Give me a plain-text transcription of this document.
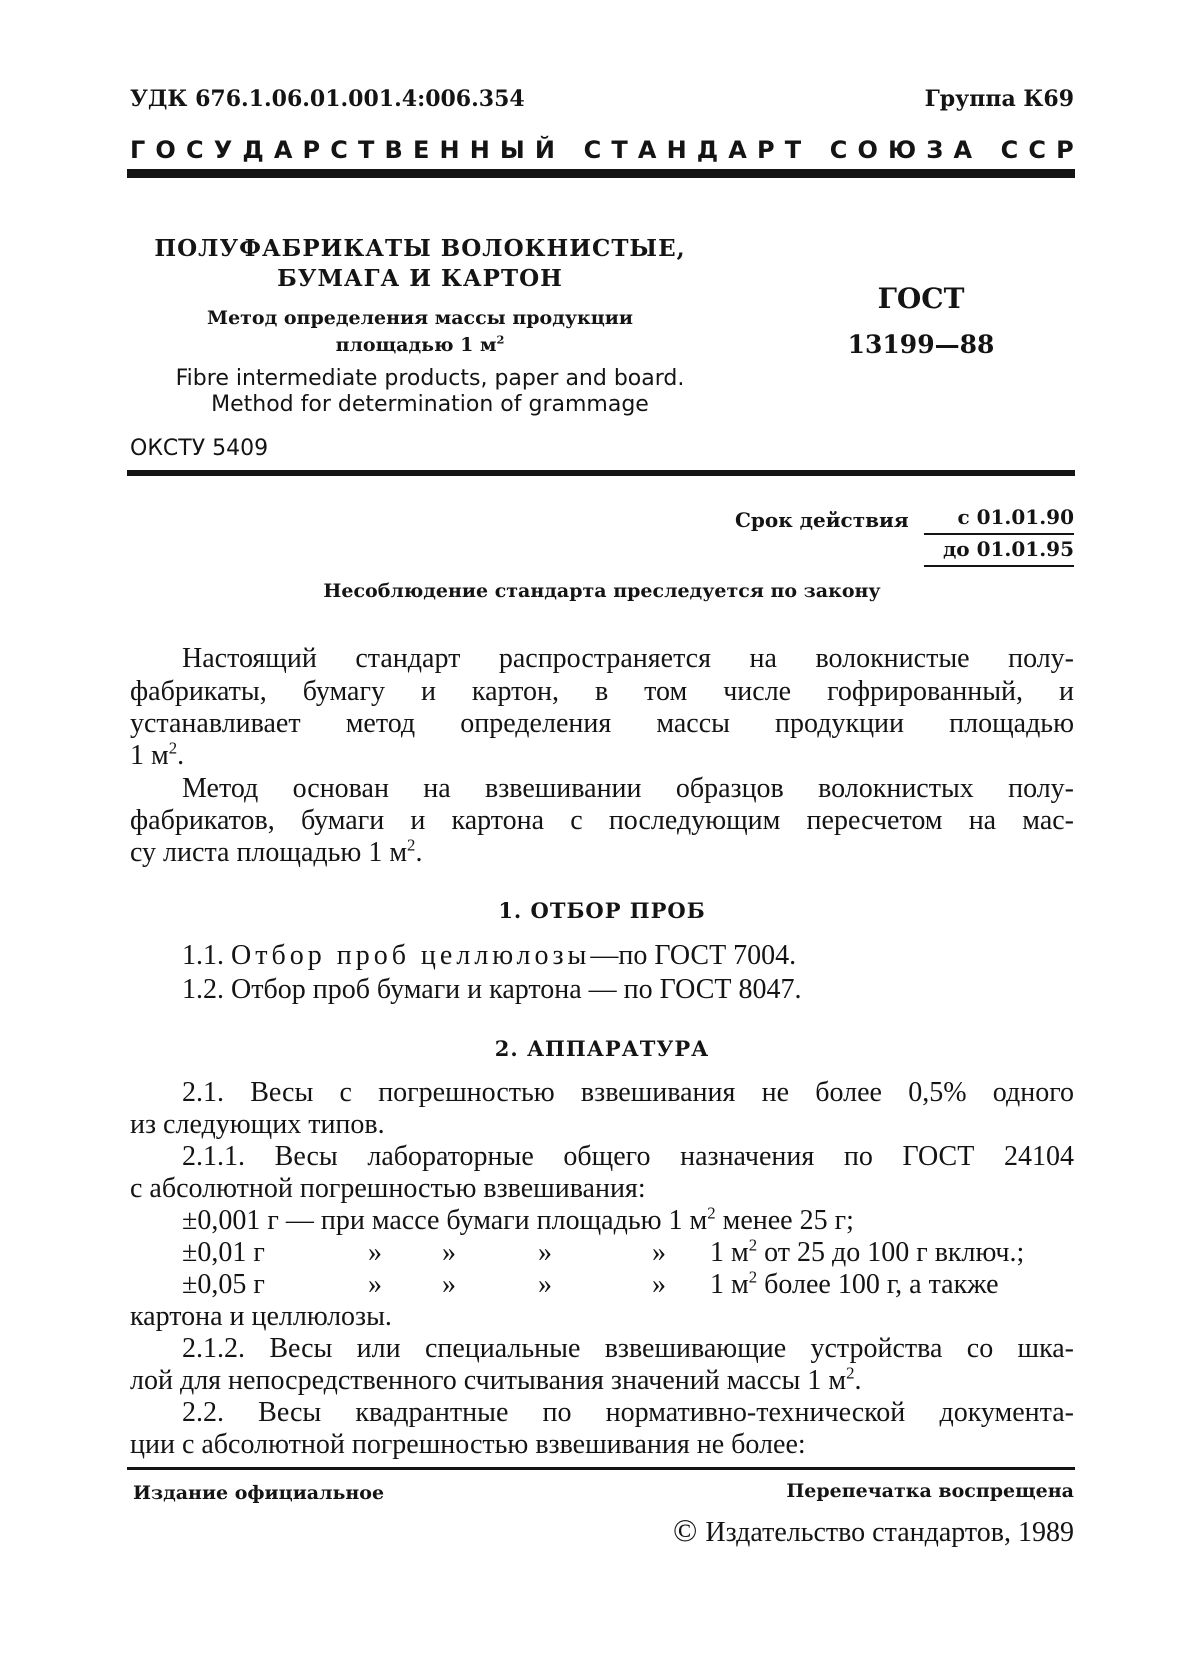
УДК 676.1.06.01.001.4:006.354	Группа К69
Г О С У Д А Р С Т В Е Н Н Ы Й
С Т А Н Д А Р Т
С О Ю З А
С С Р
ПОЛУФАБРИКАТЫ ВОЛОКНИСТЫЕ,
БУМАГА И КАРТОН
Метод определения массы продукции
площадью 1 $м^2$
ГОСТ
13199—88
Fibre intermediate products, paper and board.
Method for determination of grammage
ОКСТУ 5409
Срок действия	с 01.01.90
до 01.01.95
Несоблюдение стандарта преследуется по закону
Настоящий стандарт распространяется на волокнистые полу-
фабрикаты, бумагу и картон, в том числе гофрированный, и
устанавливает метод определения массы продукции площадью
1 $м^2$.
Метод основан на взвешивании образцов волокнистых полу-
фабрикатов, бумаги и картона с последующим пересчетом на мас-
су листа площадью 1 $м^2$.
1. ОТБОР ПРОБ
1.1. Отбор проб целлюлозы—по ГОСТ 7004.
1.2. Отбор проб бумаги и картона — по ГОСТ 8047.
2. АППАРАТУРА
2.1. Весы с погрешностью взвешивания не более 0,5% одного
из следующих типов.
2.1.1. Весы лабораторные общего назначения по ГОСТ 24104
с абсолютной погрешностью взвешивания:
±0,001 г — при массе бумаги площадью 1 $м^2$ менее 25 г;
±0,01 г	» »	»	» 1 $м^2$ от 25 до 100 г включ.;
±0,05 г	» »	»	» 1 $м^2$ более 100 г, а также
картона и целлюлозы.
2.1.2. Весы или специальные взвешивающие устройства со шка-
лой для непосредственного считывания значений массы 1 $м^2$.
2.2. Весы квадрантные по нормативно-технической документа-
ции с абсолютной погрешностью взвешивания не более:
Издание официальное	Перепечатка воспрещена
© Издательство стандартов, 1989
